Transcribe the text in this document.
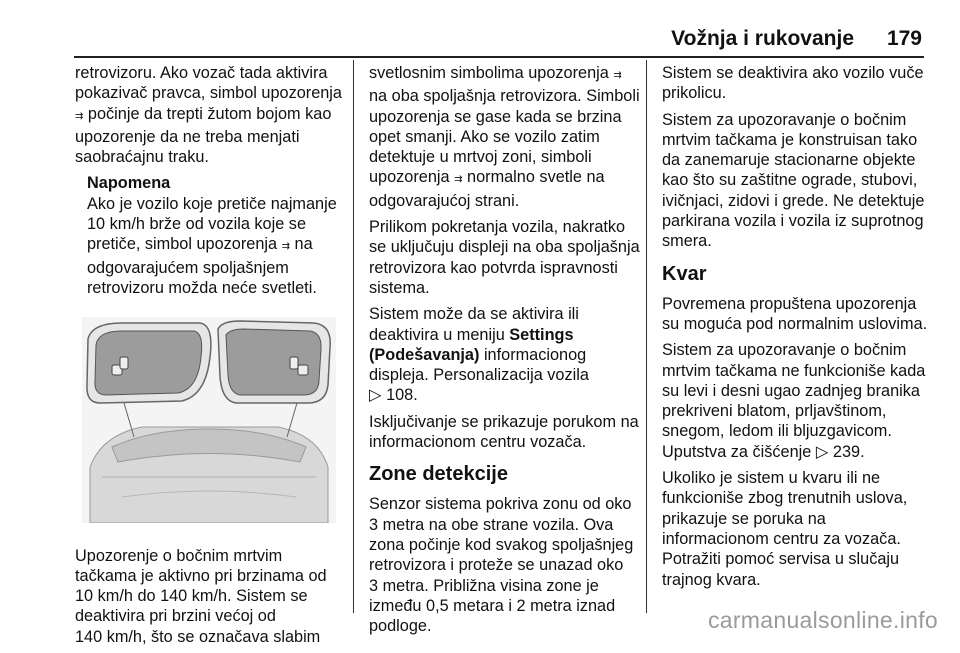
Vožnja i rukovanje 179

retrovizoru. Ako vozač tada aktivira
pokazivač pravca, simbol upozorenja
⇉ počinje da trepti žutom bojom kao
upozorenje da ne treba menjati
saobraćajnu traku.

Napomena
Ako je vozilo koje pretiče najmanje
10 km/h brže od vozila koje se
pretiče, simbol upozorenja ⇉ na
odgovarajućem spoljašnjem
retrovizoru možda neće svetleti.

Upozorenje o bočnim mrtvim
tačkama je aktivno pri brzinama od
10 km/h do 140 km/h. Sistem se
deaktivira pri brzini većoj od
140 km/h, što se označava slabim

svetlosnim simbolima upozorenja ⇉
na oba spoljašnja retrovizora. Simboli
upozorenja se gase kada se brzina
opet smanji. Ako se vozilo zatim
detektuje u mrtvoj zoni, simboli
upozorenja ⇉ normalno svetle na
odgovarajućoj strani.

Prilikom pokretanja vozila, nakratko
se uključuju displeji na oba spoljašnja
retrovizora kao potvrda ispravnosti
sistema.

Sistem može da se aktivira ili
deaktivira u meniju Settings
(Podešavanja) informacionog
displeja. Personalizacija vozila
▷ 108.

Isključivanje se prikazuje porukom na
informacionom centru vozača.

Zone detekcije

Senzor sistema pokriva zonu od oko
3 metra na obe strane vozila. Ova
zona počinje kod svakog spoljašnjeg
retrovizora i proteže se unazad oko
3 metra. Približna visina zone je
između 0,5 metara i 2 metra iznad
podloge.

Sistem se deaktivira ako vozilo vuče
prikolicu.

Sistem za upozoravanje o bočnim
mrtvim tačkama je konstruisan tako
da zanemaruje stacionarne objekte
kao što su zaštitne ograde, stubovi,
ivičnjaci, zidovi i grede. Ne detektuje
parkirana vozila i vozila iz suprotnog
smera.

Kvar

Povremena propuštena upozorenja
su moguća pod normalnim uslovima.

Sistem za upozoravanje o bočnim
mrtvim tačkama ne funkcioniše kada
su levi i desni ugao zadnjeg branika
prekriveni blatom, prljavštinom,
snegom, ledom ili bljuzgavicom.
Uputstva za čišćenje ▷ 239.

Ukoliko je sistem u kvaru ili ne
funkcioniše zbog trenutnih uslova,
prikazuje se poruka na
informacionom centru za vozača.
Potražiti pomoć servisa u slučaju
trajnog kvara.

carmanualsonline.info
